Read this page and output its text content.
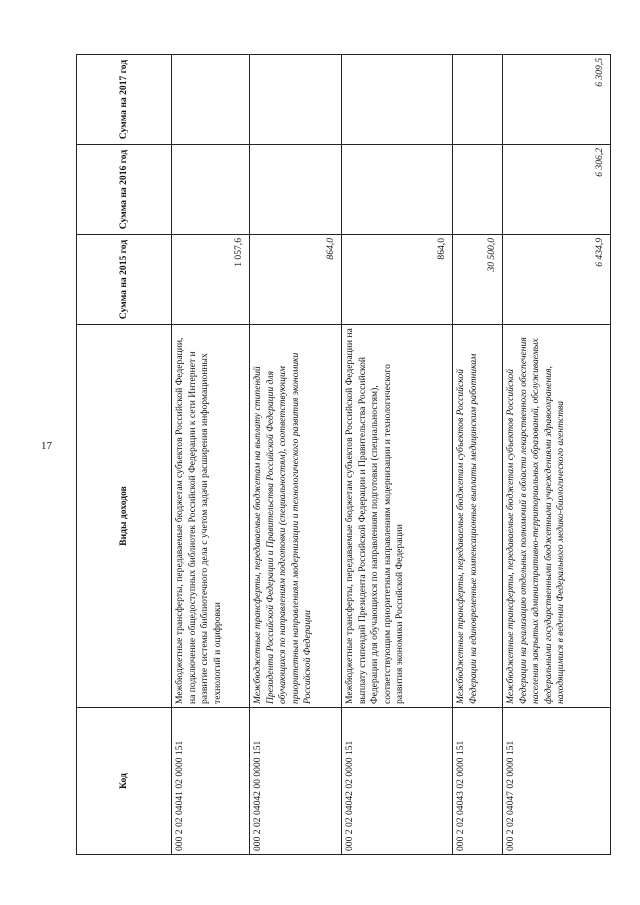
17
Код	Виды доходов	Сумма на 2015 год	Сумма на 2016 год	Сумма на 2017 год
000 2 02 04041 02 0000 151	Межбюджетные трансферты, передаваемые бюджетам субъектов Российской Федерации, на подключение общедоступных библиотек Российской Федерации к сети Интернет и развитие системы библиотечного дела с учетом задачи расширения информационных технологий и оцифровки	1 057,6		
000 2 02 04042 00 0000 151	Межбюджетные трансферты, передаваемые бюджетам на выплату стипендий Президента Российской Федерации и Правительства Российской Федерации для обучающихся по направлениям подготовки (специальностям), соответствующим приоритетным направлениям модернизации и технологического развития экономики Российской Федерации	864,0		
000 2 02 04042 02 0000 151	Межбюджетные трансферты, передаваемые бюджетам субъектов Российской Федерации на выплату стипендий Президента Российской Федерации и Правительства Российской Федерации для обучающихся по направлениям подготовки (специальностям), соответствующим приоритетным направлениям модернизации и технологического развития экономики Российской Федерации	864,0		
000 2 02 04043 02 0000 151	Межбюджетные трансферты, передаваемые бюджетам субъектов Российской Федерации на единовременные компенсационные выплаты медицинским работникам	30 500,0		
000 2 02 04047 02 0000 151	Межбюджетные трансферты, передаваемые бюджетам субъектов Российской Федерации на реализацию отдельных полномочий в области лекарственного обеспечения населения закрытых административно-территориальных образований, обслуживаемых федеральными государственными бюджетными учреждениями здравоохранения, находящимися в ведении Федерального медико-биологического агентства	6 434,9	6 306,2	6 309,5
